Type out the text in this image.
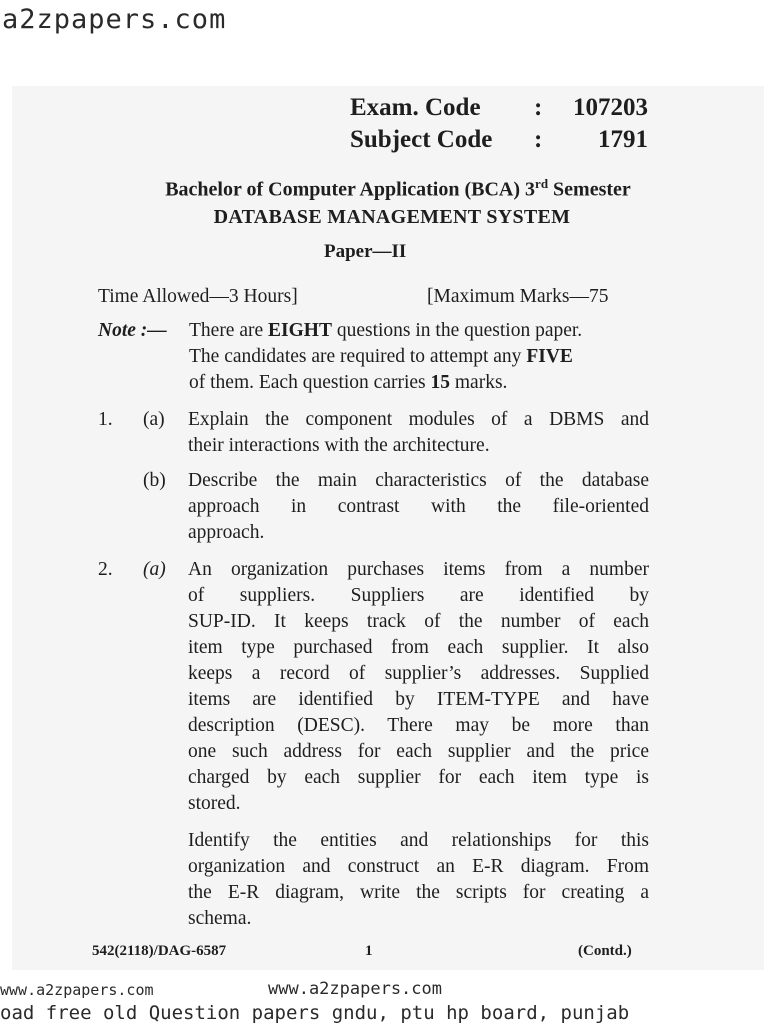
a2zpapers.com
Exam. Code : 107203
Subject Code : 1791
Bachelor of Computer Application (BCA) 3rd Semester
DATABASE MANAGEMENT SYSTEM
Paper—II
Time Allowed—3 Hours]	[Maximum Marks—75
Note :— There are EIGHT questions in the question paper.
The candidates are required to attempt any FIVE
of them. Each question carries 15 marks.
1. (a) Explain the component modules of a DBMS and
their interactions with the architecture.
(b) Describe the main characteristics of the database
approach in contrast with the file-oriented
approach.
2. (a) An organization purchases items from a number
of suppliers. Suppliers are identified by
SUP-ID. It keeps track of the number of each
item type purchased from each supplier. It also
keeps a record of supplier’s addresses. Supplied
items are identified by ITEM-TYPE and have
description (DESC). There may be more than
one such address for each supplier and the price
charged by each supplier for each item type is
stored.
Identify the entities and relationships for this
organization and construct an E-R diagram. From
the E-R diagram, write the scripts for creating a
schema.
542(2118)/DAG-6587	1	(Contd.)
www.a2zpapers.com	www.a2zpapers.com
oad free old Question papers gndu, ptu hp board, punjab
